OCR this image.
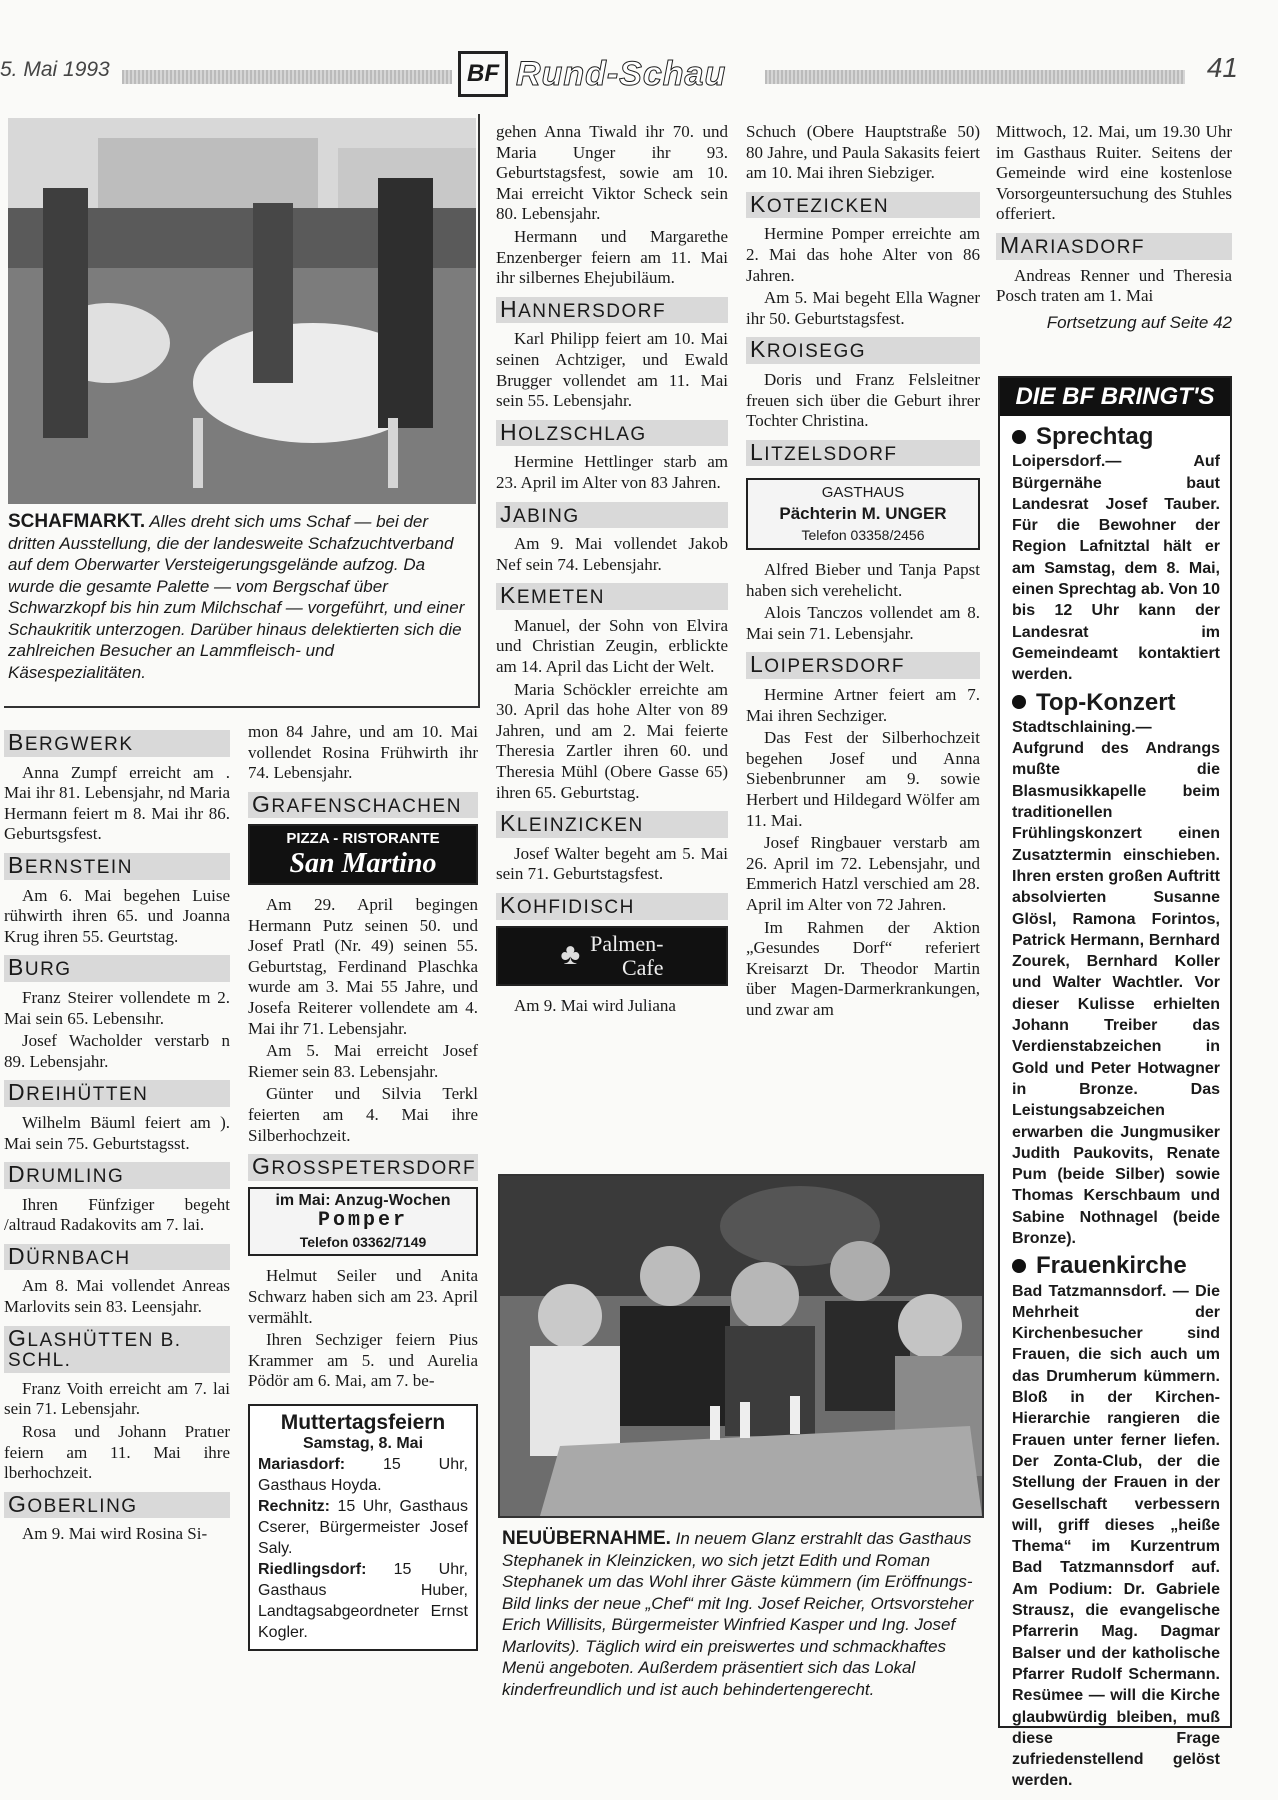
5. Mai 1993	BF Rund-Schau	41
SCHAFMARKT. Alles dreht sich ums Schaf — bei der dritten Ausstellung, die der landesweite Schafzuchtverband auf dem Oberwarter Versteigerungsgelände aufzog. Da wurde die gesamte Palette — vom Bergschaf über Schwarzkopf bis hin zum Milchschaf — vorgeführt, und einer Schaukritik unterzogen. Darüber hinaus delektierten sich die zahlreichen Besucher an Lammfleisch- und Käsespezialitäten.
BERGWERK

Anna Zumpf erreicht am . Mai ihr 81. Lebensjahr, nd Maria Hermann feiert m 8. Mai ihr 86. Geburtsgsfest.

BERNSTEIN

Am 6. Mai begehen Luise rühwirth ihren 65. und Joanna Krug ihren 55. Geurtstag.

BURG

Franz Steirer vollendete m 2. Mai sein 65. Lebensıhr.

Josef Wacholder verstarb n 89. Lebensjahr.

DREIHÜTTEN

Wilhelm Bäuml feiert am ). Mai sein 75. Geburtstagsst.

DRUMLING

Ihren Fünfziger begeht /altraud Radakovits am 7. lai.

DÜRNBACH

Am 8. Mai vollendet Anreas Marlovits sein 83. Leensjahr.

GLASHÜTTEN B. SCHL.

Franz Voith erreicht am 7. lai sein 71. Lebensjahr.

Rosa und Johann Pratıer feiern am 11. Mai ihre lberhochzeit.

GOBERLING

Am 9. Mai wird Rosina Si-

mon 84 Jahre, und am 10. Mai vollendet Rosina Frühwirth ihr 74. Lebensjahr.

GRAFENSCHACHEN
PIZZA - RISTORANTE
San Martino

Am 29. April begingen Hermann Putz seinen 50. und Josef Pratl (Nr. 49) seinen 55. Geburtstag, Ferdinand Plaschka wurde am 3. Mai 55 Jahre, und Josefa Reiterer vollendete am 4. Mai ihr 71. Lebensjahr.

Am 5. Mai erreicht Josef Riemer sein 83. Lebensjahr.

Günter und Silvia Terkl feierten am 4. Mai ihre Silberhochzeit.

GROSSPETERSDORF
im Mai: Anzug-Wochen
Pomper
Telefon 03362/7149

Helmut Seiler und Anita Schwarz haben sich am 23. April vermählt.

Ihren Sechziger feiern Pius Krammer am 5. und Aurelia Pödör am 6. Mai, am 7. be-

Muttertagsfeiern
Samstag, 8. Mai
Mariasdorf: 15 Uhr, Gasthaus Hoyda.
Rechnitz: 15 Uhr, Gasthaus Cserer, Bürgermeister Josef Saly.
Riedlingsdorf: 15 Uhr, Gasthaus Huber, Landtagsabgeordneter Ernst Kogler.

gehen Anna Tiwald ihr 70. und Maria Unger ihr 93. Geburtstagsfest, sowie am 10. Mai erreicht Viktor Scheck sein 80. Lebensjahr.

Hermann und Margarethe Enzenberger feiern am 11. Mai ihr silbernes Ehejubiläum.

HANNERSDORF

Karl Philipp feiert am 10. Mai seinen Achtziger, und Ewald Brugger vollendet am 11. Mai sein 55. Lebensjahr.

HOLZSCHLAG

Hermine Hettlinger starb am 23. April im Alter von 83 Jahren.

JABING

Am 9. Mai vollendet Jakob Nef sein 74. Lebensjahr.

KEMETEN

Manuel, der Sohn von Elvira und Christian Zeugin, erblickte am 14. April das Licht der Welt.

Maria Schöckler erreichte am 30. April das hohe Alter von 89 Jahren, und am 2. Mai feierte Theresia Zartler ihren 60. und Theresia Mühl (Obere Gasse 65) ihren 65. Geburtstag.

KLEINZICKEN

Josef Walter begeht am 5. Mai sein 71. Geburtstagsfest.

KOHFIDISCH
♣ Palmen-
Cafe

Am 9. Mai wird Juliana

Schuch (Obere Hauptstraße 50) 80 Jahre, und Paula Sakasits feiert am 10. Mai ihren Siebziger.

KOTEZICKEN

Hermine Pomper erreichte am 2. Mai das hohe Alter von 86 Jahren.

Am 5. Mai begeht Ella Wagner ihr 50. Geburtstagsfest.

KROISEGG

Doris und Franz Felsleitner freuen sich über die Geburt ihrer Tochter Christina.

LITZELSDORF
GASTHAUS
Pächterin M. UNGER
Telefon 03358/2456

Alfred Bieber und Tanja Papst haben sich verehelicht.

Alois Tanczos vollendet am 8. Mai sein 71. Lebensjahr.

LOIPERSDORF

Hermine Artner feiert am 7. Mai ihren Sechziger.

Das Fest der Silberhochzeit begehen Josef und Anna Siebenbrunner am 9. sowie Herbert und Hildegard Wölfer am 11. Mai.

Josef Ringbauer verstarb am 26. April im 72. Lebensjahr, und Emmerich Hatzl verschied am 28. April im Alter von 72 Jahren.

Im Rahmen der Aktion „Gesundes Dorf“ referiert Kreisarzt Dr. Theodor Martin über Magen-Darmerkrankungen, und zwar am

Mittwoch, 12. Mai, um 19.30 Uhr im Gasthaus Ruiter. Seitens der Gemeinde wird eine kostenlose Vorsorgeuntersuchung des Stuhles offeriert.

MARIASDORF

Andreas Renner und Theresia Posch traten am 1. Mai

Fortsetzung auf Seite 42
DIE BF BRINGT'S
Sprechtag

Loipersdorf.— Auf Bürgernähe baut Landesrat Josef Tauber. Für die Bewohner der Region Lafnitztal hält er am Samstag, dem 8. Mai, einen Sprechtag ab. Von 10 bis 12 Uhr kann der Landesrat im Gemeindeamt kontaktiert werden.

Top-Konzert

Stadtschlaining.— Aufgrund des Andrangs mußte die Blasmusikkapelle beim traditionellen Frühlingskonzert einen Zusatztermin einschieben. Ihren ersten großen Auftritt absolvierten Susanne Glösl, Ramona Forintos, Patrick Hermann, Bernhard Zourek, Bernhard Koller und Walter Wachtler. Vor dieser Kulisse erhielten Johann Treiber das Verdienstabzeichen in Gold und Peter Hotwagner in Bronze. Das Leistungsabzeichen erwarben die Jungmusiker Judith Paukovits, Renate Pum (beide Silber) sowie Thomas Kerschbaum und Sabine Nothnagel (beide Bronze).

Frauenkirche

Bad Tatzmannsdorf. — Die Mehrheit der Kirchenbesucher sind Frauen, die sich auch um das Drumherum kümmern. Bloß in der Kirchen-Hierarchie rangieren die Frauen unter ferner liefen. Der Zonta-Club, der die Stellung der Frauen in der Gesellschaft verbessern will, griff dieses „heiße Thema“ im Kurzentrum Bad Tatzmannsdorf auf. Am Podium: Dr. Gabriele Strausz, die evangelische Pfarrerin Mag. Dagmar Balser und der katholische Pfarrer Rudolf Schermann. Resümee — will die Kirche glaubwürdig bleiben, muß diese Frage zufriedenstellend gelöst werden.

NEUÜBERNAHME. In neuem Glanz erstrahlt das Gasthaus Stephanek in Kleinzicken, wo sich jetzt Edith und Roman Stephanek um das Wohl ihrer Gäste kümmern (im Eröffnungs-Bild links der neue „Chef“ mit Ing. Josef Reicher, Ortsvorsteher Erich Willisits, Bürgermeister Winfried Kasper und Ing. Josef Marlovits). Täglich wird ein preiswertes und schmackhaftes Menü angeboten. Außerdem präsentiert sich das Lokal kinderfreundlich und ist auch behindertengerecht.
